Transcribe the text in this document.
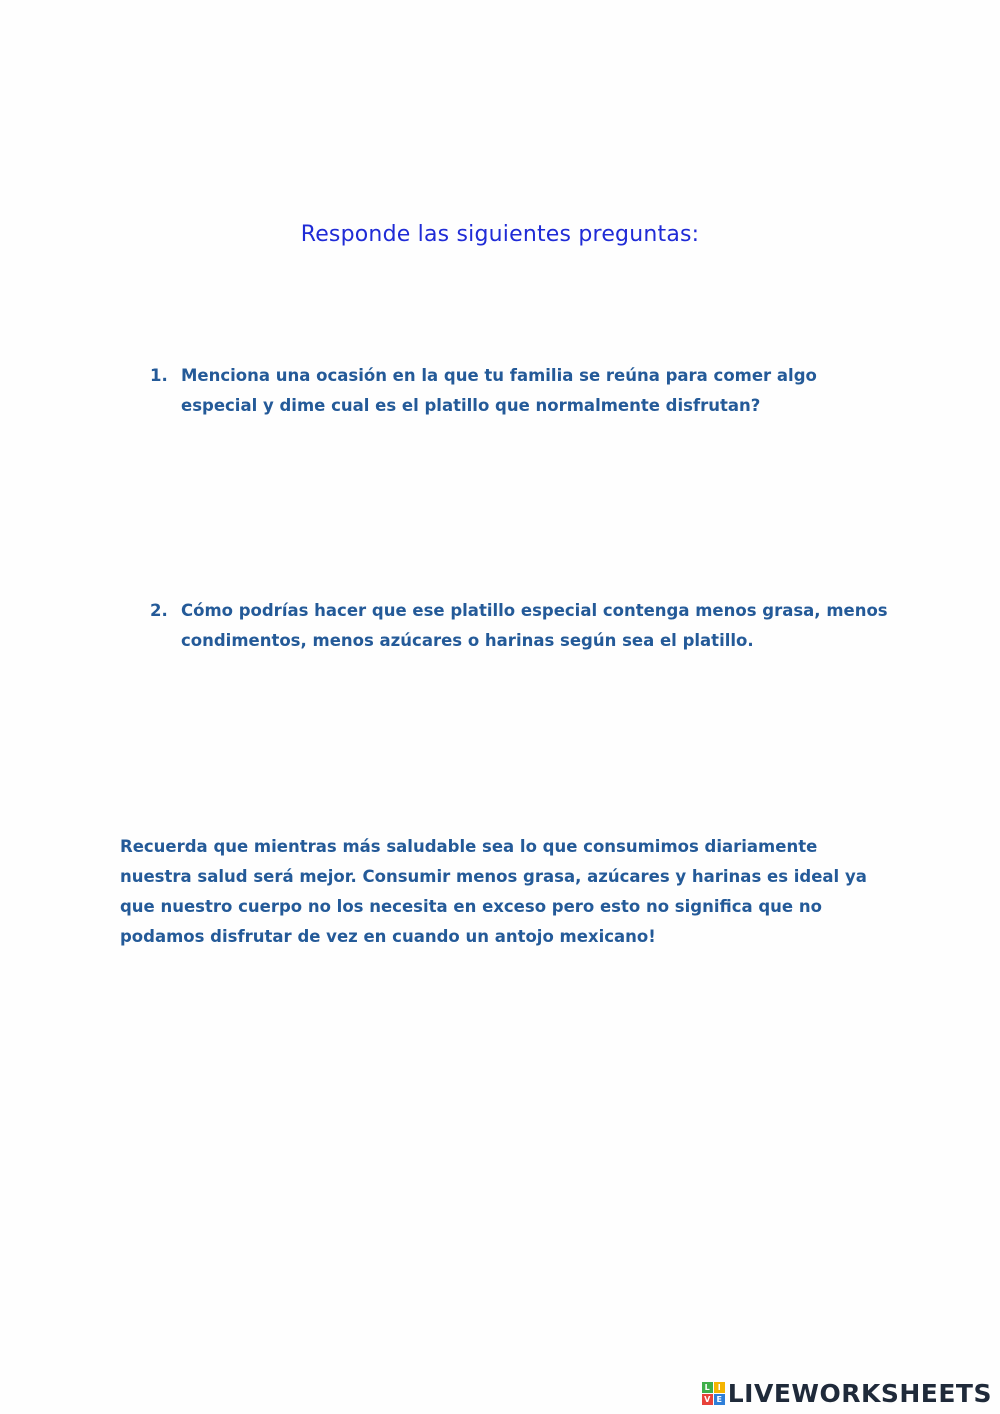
Responde las siguientes preguntas:
1. Menciona una ocasión en la que tu familia se reúna para comer algo especial y dime cual es el platillo que normalmente disfrutan?
2. Cómo podrías hacer que ese platillo especial contenga menos grasa, menos condimentos, menos azúcares o harinas según sea el platillo.
Recuerda que mientras más saludable sea lo que consumimos diariamente nuestra salud será mejor. Consumir menos grasa, azúcares y harinas es ideal ya que nuestro cuerpo no los necesita en exceso pero esto no significa que no podamos disfrutar de vez en cuando un antojo mexicano!
L I
V E LIVEWORKSHEETS
